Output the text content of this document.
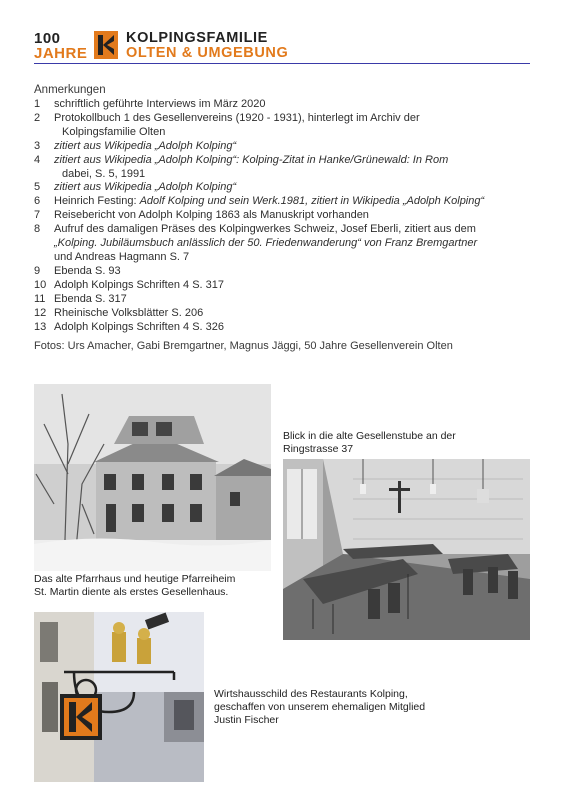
100
JAHRE
KOLPINGSFAMILIE
OLTEN & UMGEBUNG
Anmerkungen
1	schriftlich geführte Interviews im März 2020
2	Protokollbuch 1 des Gesellenvereins (1920 - 1931), hinterlegt im Archiv der
Kolpingsfamilie Olten
3	zitiert aus Wikipedia „Adolph Kolping“
4	zitiert aus Wikipedia „Adolph Kolping“: Kolping-Zitat in Hanke/Grünewald: In Rom
dabei, S. 5, 1991
5	zitiert aus Wikipedia „Adolph Kolping“
6	Heinrich Festing: Adolf Kolping und sein Werk.1981, zitiert in Wikipedia „Adolph Kolping“
7	Reisebericht von Adolph Kolping 1863 als Manuskript vorhanden
8	Aufruf des damaligen Präses des Kolpingwerkes Schweiz, Josef Eberli, zitiert aus dem
„Kolping. Jubiläumsbuch anlässlich der 50. Friedenwanderung“ von Franz Bremgartner
und Andreas Hagmann S. 7
9	Ebenda S. 93
10 Adolph Kolpings Schriften 4 S. 317
11 Ebenda S. 317
12 Rheinische Volksblätter S. 206
13 Adolph Kolpings Schriften 4 S. 326
Fotos: Urs Amacher, Gabi Bremgartner, Magnus Jäggi, 50 Jahre Gesellenverein Olten
Das alte Pfarrhaus und heutige Pfarreiheim
St. Martin diente als erstes Gesellenhaus.
Blick in die alte Gesellenstube an der
Ringstrasse 37
Wirtshausschild des Restaurants Kolping,
geschaffen von unserem ehemaligen Mitglied
Justin Fischer
